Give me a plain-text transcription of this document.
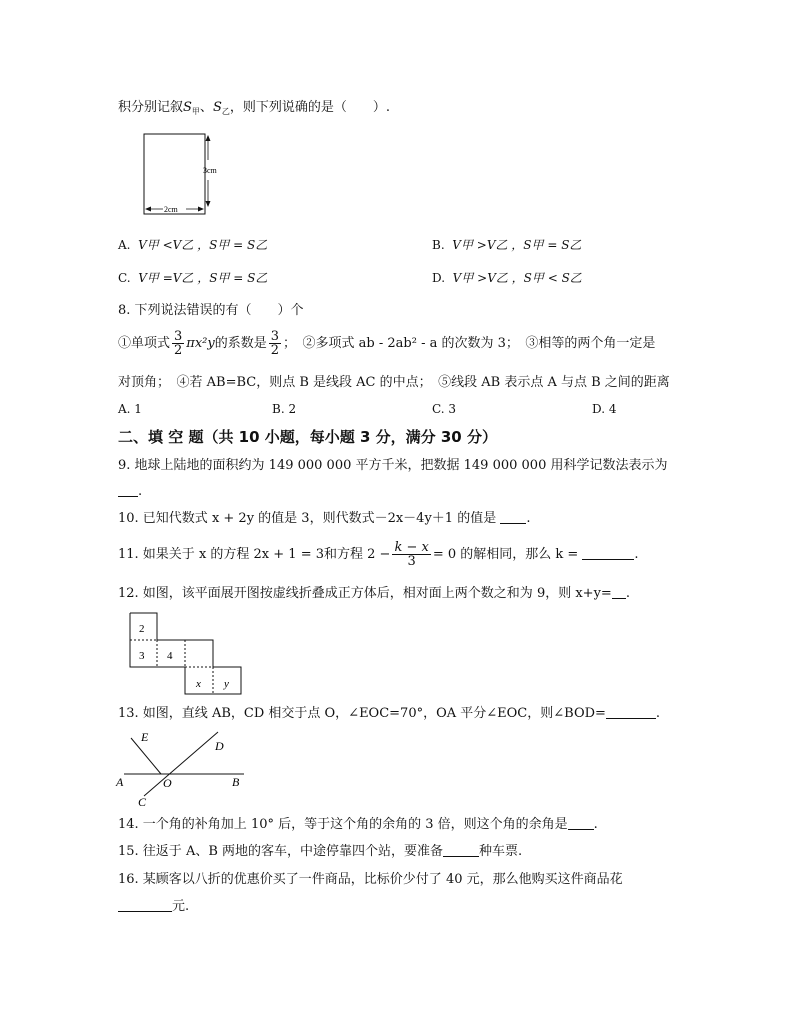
积分别记叙$S_甲$、$S_乙$，则下列说确的是（　　）.
3cm
2cm
A. V甲 <V乙 ，S甲 = S乙	B. V甲 >V乙 ，S甲 = S乙
C. V甲 =V乙 ，S甲 = S乙	D. V甲 >V乙 ，S甲 < S乙
8. 下列说法错误的有（　　）个
①单项式 $\frac{3}{2} \pi x^2y$的系数是 $\frac{3}{2}$ ；　②多项式 ab - 2ab² - a 的次数为 3；　③相等的两个角一定是
对顶角；　④若 AB=BC，则点 B 是线段 AC 的中点；　⑤线段 AB 表示点 A 与点 B 之间的距离
A. 1	B. 2	C. 3	D. 4
二、填 空 题（共 10 小题，每小题 3 分，满分 30 分）
9. 地球上陆地的面积约为 149 000 000 平方千米，把数据 149 000 000 用科学记数法表示为
.
10. 已知代数式 x + 2y 的值是 3，则代数式－2x－4y＋1 的值是 .
11. 如果关于 x 的方程 2x + 1 = 3和方程 $2 - \frac{k - x}{3} = 0$ 的解相同，那么 k =	.
12. 如图，该平面展开图按虚线折叠成正方体后，相对面上两个数之和为 9，则 x+y= .
2
3 4
x y
13. 如图，直线 AB，CD 相交于点 O，∠EOC=70°，OA 平分∠EOC，则∠BOD=	.
E
D
A	O	B
C
14. 一个角的补角加上 10° 后，等于这个角的余角的 3 倍，则这个角的余角是 .
15. 往返于 A、B 两地的客车，中途停靠四个站，要准备	种车票.
16. 某顾客以八折的优惠价买了一件商品，比标价少付了 40 元，那么他购买这件商品花
元.
